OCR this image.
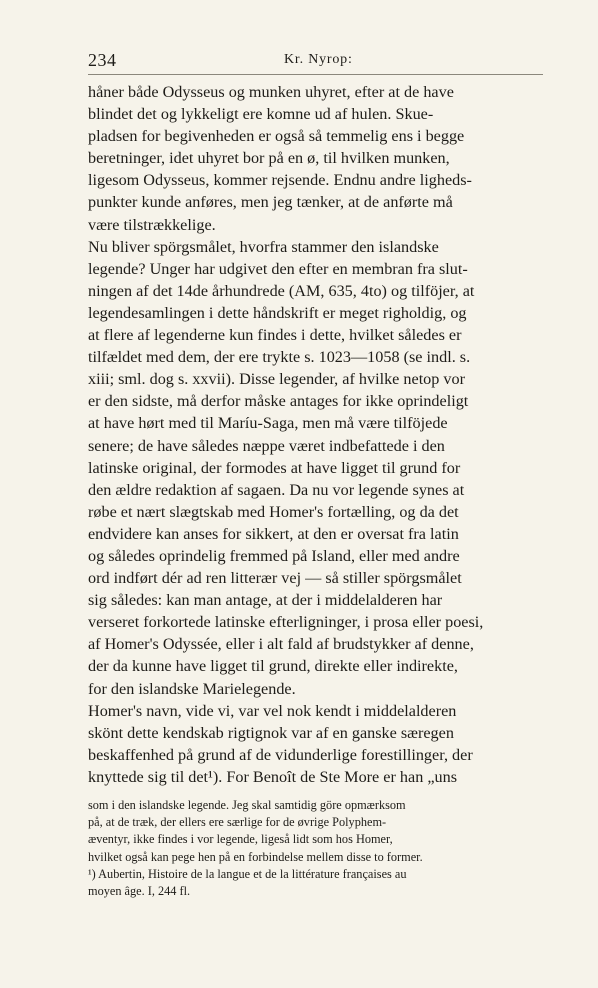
234	Kr. Nyrop:
håner både Odysseus og munken uhyret, efter at de have
blindet det og lykkeligt ere komne ud af hulen. Skue-
pladsen for begivenheden er også så temmelig ens i begge
beretninger, idet uhyret bor på en ø, til hvilken munken,
ligesom Odysseus, kommer rejsende. Endnu andre ligheds-
punkter kunde anføres, men jeg tænker, at de anførte må
være tilstrækkelige.
Nu bliver spörgsmålet, hvorfra stammer den islandske
legende? Unger har udgivet den efter en membran fra slut-
ningen af det 14de århundrede (AM, 635, 4to) og tilföjer, at
legendesamlingen i dette håndskrift er meget righoldig, og
at flere af legenderne kun findes i dette, hvilket således er
tilfældet med dem, der ere trykte s. 1023—1058 (se indl. s.
xiii; sml. dog s. xxvii). Disse legender, af hvilke netop vor
er den sidste, må derfor måske antages for ikke oprindeligt
at have hørt med til Maríu-Saga, men må være tilföjede
senere; de have således næppe været indbefattede i den
latinske original, der formodes at have ligget til grund for
den ældre redaktion af sagaen. Da nu vor legende synes at
røbe et nært slægtskab med Homer's fortælling, og da det
endvidere kan anses for sikkert, at den er oversat fra latin
og således oprindelig fremmed på Island, eller med andre
ord indført dér ad ren litterær vej — så stiller spörgsmålet
sig således: kan man antage, at der i middelalderen har
verseret forkortede latinske efterligninger, i prosa eller poesi,
af Homer's Odyssée, eller i alt fald af brudstykker af denne,
der da kunne have ligget til grund, direkte eller indirekte,
for den islandske Marielegende.
Homer's navn, vide vi, var vel nok kendt i middelalderen
skönt dette kendskab rigtignok var af en ganske særegen
beskaffenhed på grund af de vidunderlige forestillinger, der
knyttede sig til det¹). For Benoît de Ste More er han „uns
som i den islandske legende. Jeg skal samtidig göre opmærksom
på, at de træk, der ellers ere særlige for de øvrige Polyphem-
æventyr, ikke findes i vor legende, ligeså lidt som hos Homer,
hvilket også kan pege hen på en forbindelse mellem disse to former.
¹) Aubertin, Histoire de la langue et de la littérature françaises au
moyen âge. I, 244 fl.
